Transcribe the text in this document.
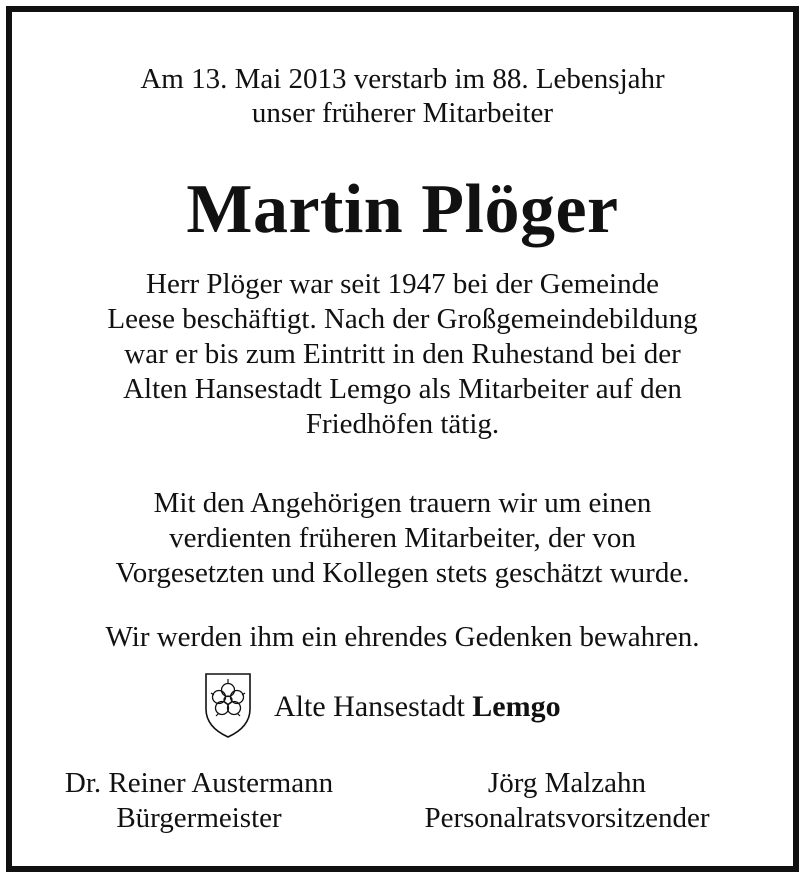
Am 13. Mai 2013 verstarb im 88. Lebensjahr
unser früherer Mitarbeiter
Martin Plöger
Herr Plöger war seit 1947 bei der Gemeinde
Leese beschäftigt. Nach der Großgemeindebildung
war er bis zum Eintritt in den Ruhestand bei der
Alten Hansestadt Lemgo als Mitarbeiter auf den
Friedhöfen tätig.
Mit den Angehörigen trauern wir um einen
verdienten früheren Mitarbeiter, der von
Vorgesetzten und Kollegen stets geschätzt wurde.
Wir werden ihm ein ehrendes Gedenken bewahren.
Alte Hansestadt Lemgo
Dr. Reiner Austermann
Bürgermeister
Jörg Malzahn
Personalratsvorsitzender
